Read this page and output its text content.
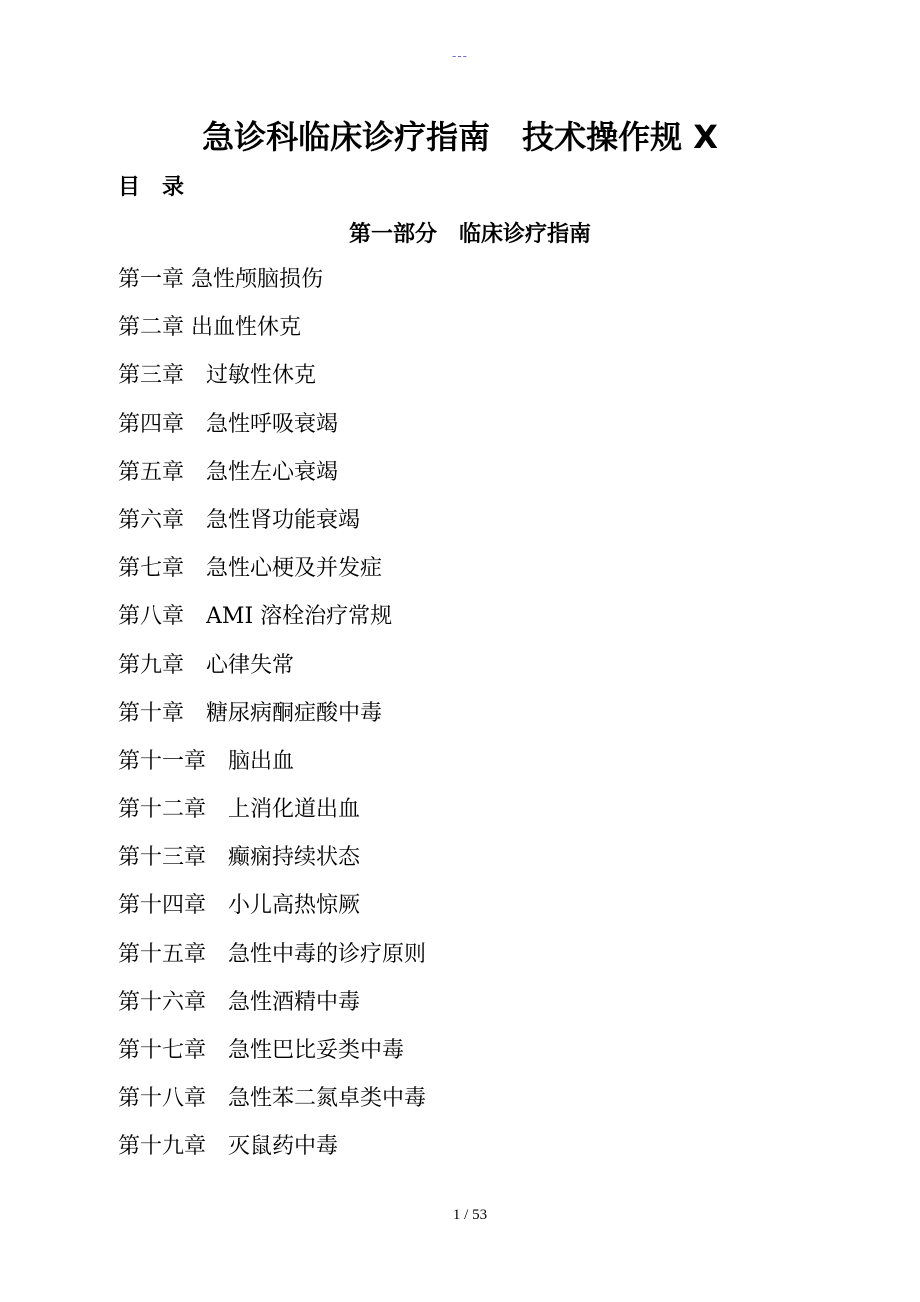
---
急诊科临床诊疗指南　技术操作规 X
目　录
第一部分　临床诊疗指南
第一章 急性颅脑损伤
第二章 出血性休克
第三章　 过敏性休克
第四章　 急性呼吸衰竭
第五章　 急性左心衰竭
第六章　 急性肾功能衰竭
第七章　 急性心梗及并发症
第八章　 AMI 溶栓治疗常规
第九章　 心律失常
第十章　 糖尿病酮症酸中毒
第十一章　 脑出血
第十二章　 上消化道出血
第十三章　 癫痫持续状态
第十四章　 小儿高热惊厥
第十五章　 急性中毒的诊疗原则
第十六章　 急性酒精中毒
第十七章　 急性巴比妥类中毒
第十八章　 急性苯二氮卓类中毒
第十九章　 灭鼠药中毒
1 / 53
